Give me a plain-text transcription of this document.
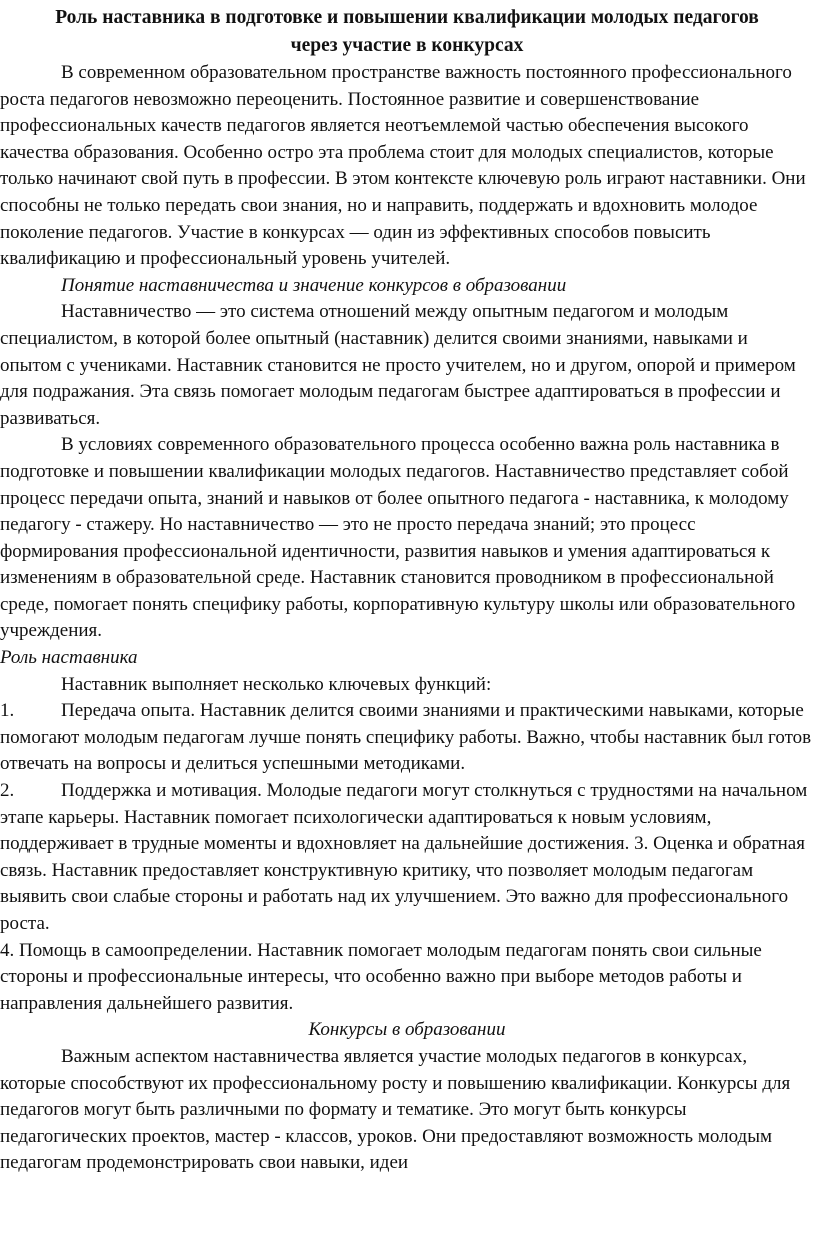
Роль наставника в подготовке и повышении квалификации молодых педагогов
через участие в конкурсах

В современном образовательном пространстве важность постоянного профессионального роста педагогов невозможно переоценить. Постоянное развитие и совершенствование профессиональных качеств педагогов является неотъемлемой частью обеспечения высокого качества образования. Особенно остро эта проблема стоит для молодых специалистов, которые только начинают свой путь в профессии. В этом контексте ключевую роль играют наставники. Они способны не только передать свои знания, но и направить, поддержать и вдохновить молодое поколение педагогов. Участие в конкурсах — один из эффективных способов повысить квалификацию и профессиональный уровень учителей.

Понятие наставничества и значение конкурсов в образовании

Наставничество — это система отношений между опытным педагогом и молодым специалистом, в которой более опытный (наставник) делится своими знаниями, навыками и опытом с учениками. Наставник становится не просто учителем, но и другом, опорой и примером для подражания. Эта связь помогает молодым педагогам быстрее адаптироваться в профессии и развиваться.

В условиях современного образовательного процесса особенно важна роль наставника в подготовке и повышении квалификации молодых педагогов. Наставничество представляет собой процесс передачи опыта, знаний и навыков от более опытного педагога - наставника, к молодому педагогу - стажеру. Но наставничество — это не просто передача знаний; это процесс формирования профессиональной идентичности, развития навыков и умения адаптироваться к изменениям в образовательной среде. Наставник становится проводником в профессиональной среде, помогает понять специфику работы, корпоративную культуру школы или образовательного учреждения.

Роль наставника

Наставник выполняет несколько ключевых функций:

1. Передача опыта. Наставник делится своими знаниями и практическими навыками, которые помогают молодым педагогам лучше понять специфику работы. Важно, чтобы наставник был готов отвечать на вопросы и делиться успешными методиками.

2. Поддержка и мотивация. Молодые педагоги могут столкнуться с трудностями на начальном этапе карьеры. Наставник помогает психологически адаптироваться к новым условиям, поддерживает в трудные моменты и вдохновляет на дальнейшие достижения. 3. Оценка и обратная связь. Наставник предоставляет конструктивную критику, что позволяет молодым педагогам выявить свои слабые стороны и работать над их улучшением. Это важно для профессионального роста.

4. Помощь в самоопределении. Наставник помогает молодым педагогам понять свои сильные стороны и профессиональные интересы, что особенно важно при выборе методов работы и направления дальнейшего развития.

Конкурсы в образовании

Важным аспектом наставничества является участие молодых педагогов в конкурсах, которые способствуют их профессиональному росту и повышению квалификации. Конкурсы для педагогов могут быть различными по формату и тематике. Это могут быть конкурсы педагогических проектов, мастер - классов, уроков. Они предоставляют возможность молодым педагогам продемонстрировать свои навыки, идеи
